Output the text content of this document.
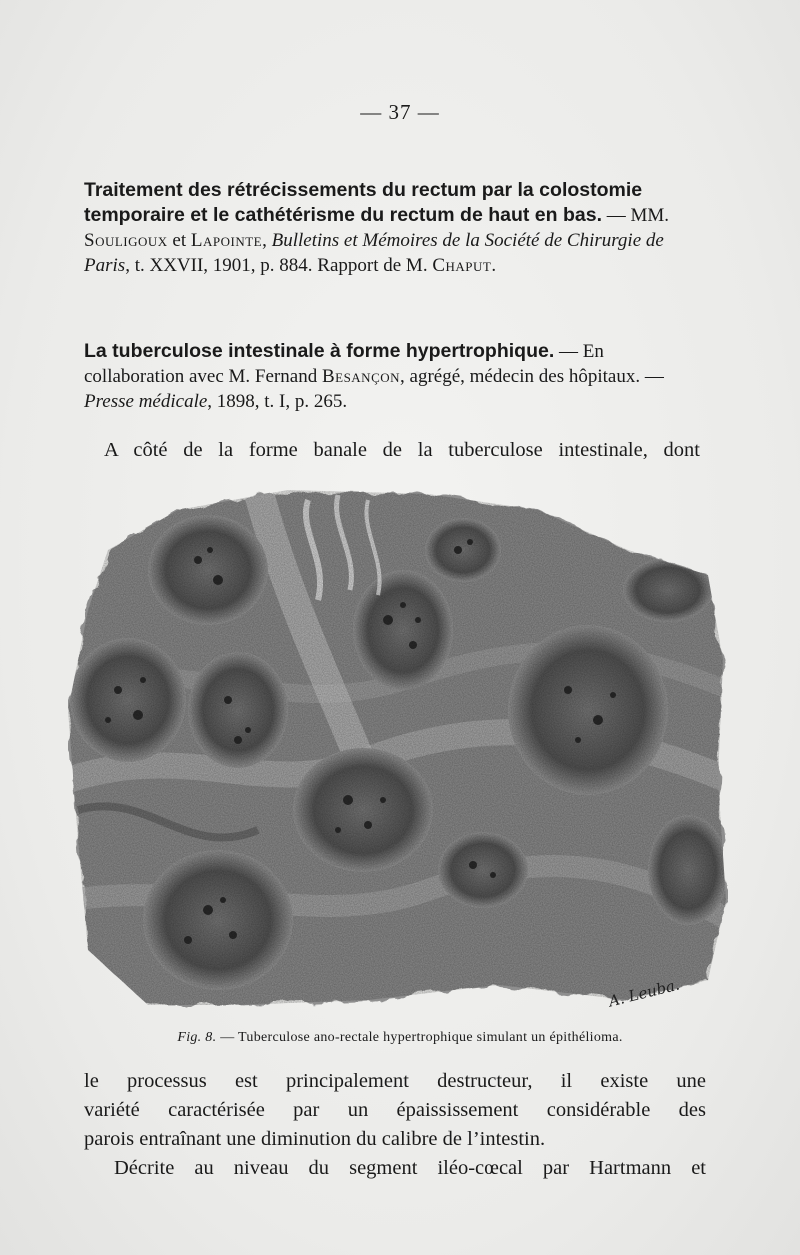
— 37 —
Traitement des rétrécissements du rectum par la colostomie temporaire et le cathétérisme du rectum de haut en bas. — MM. Souligoux et Lapointe, Bulletins et Mémoires de la Société de Chirurgie de Paris, t. XXVII, 1901, p. 884. Rapport de M. Chaput.
La tuberculose intestinale à forme hypertrophique. — En collaboration avec M. Fernand Besançon, agrégé, médecin des hôpitaux. — Presse médicale, 1898, t. I, p. 265.
A côté de la forme banale de la tuberculose intestinale, dont
A. Leuba.
Fig. 8. — Tuberculose ano-rectale hypertrophique simulant un épithélioma.
le processus est principalement destructeur, il existe une
variété caractérisée par un épaississement considérable des
parois entraînant une diminution du calibre de l’intestin.
Décrite au niveau du segment iléo-cœcal par Hartmann et
